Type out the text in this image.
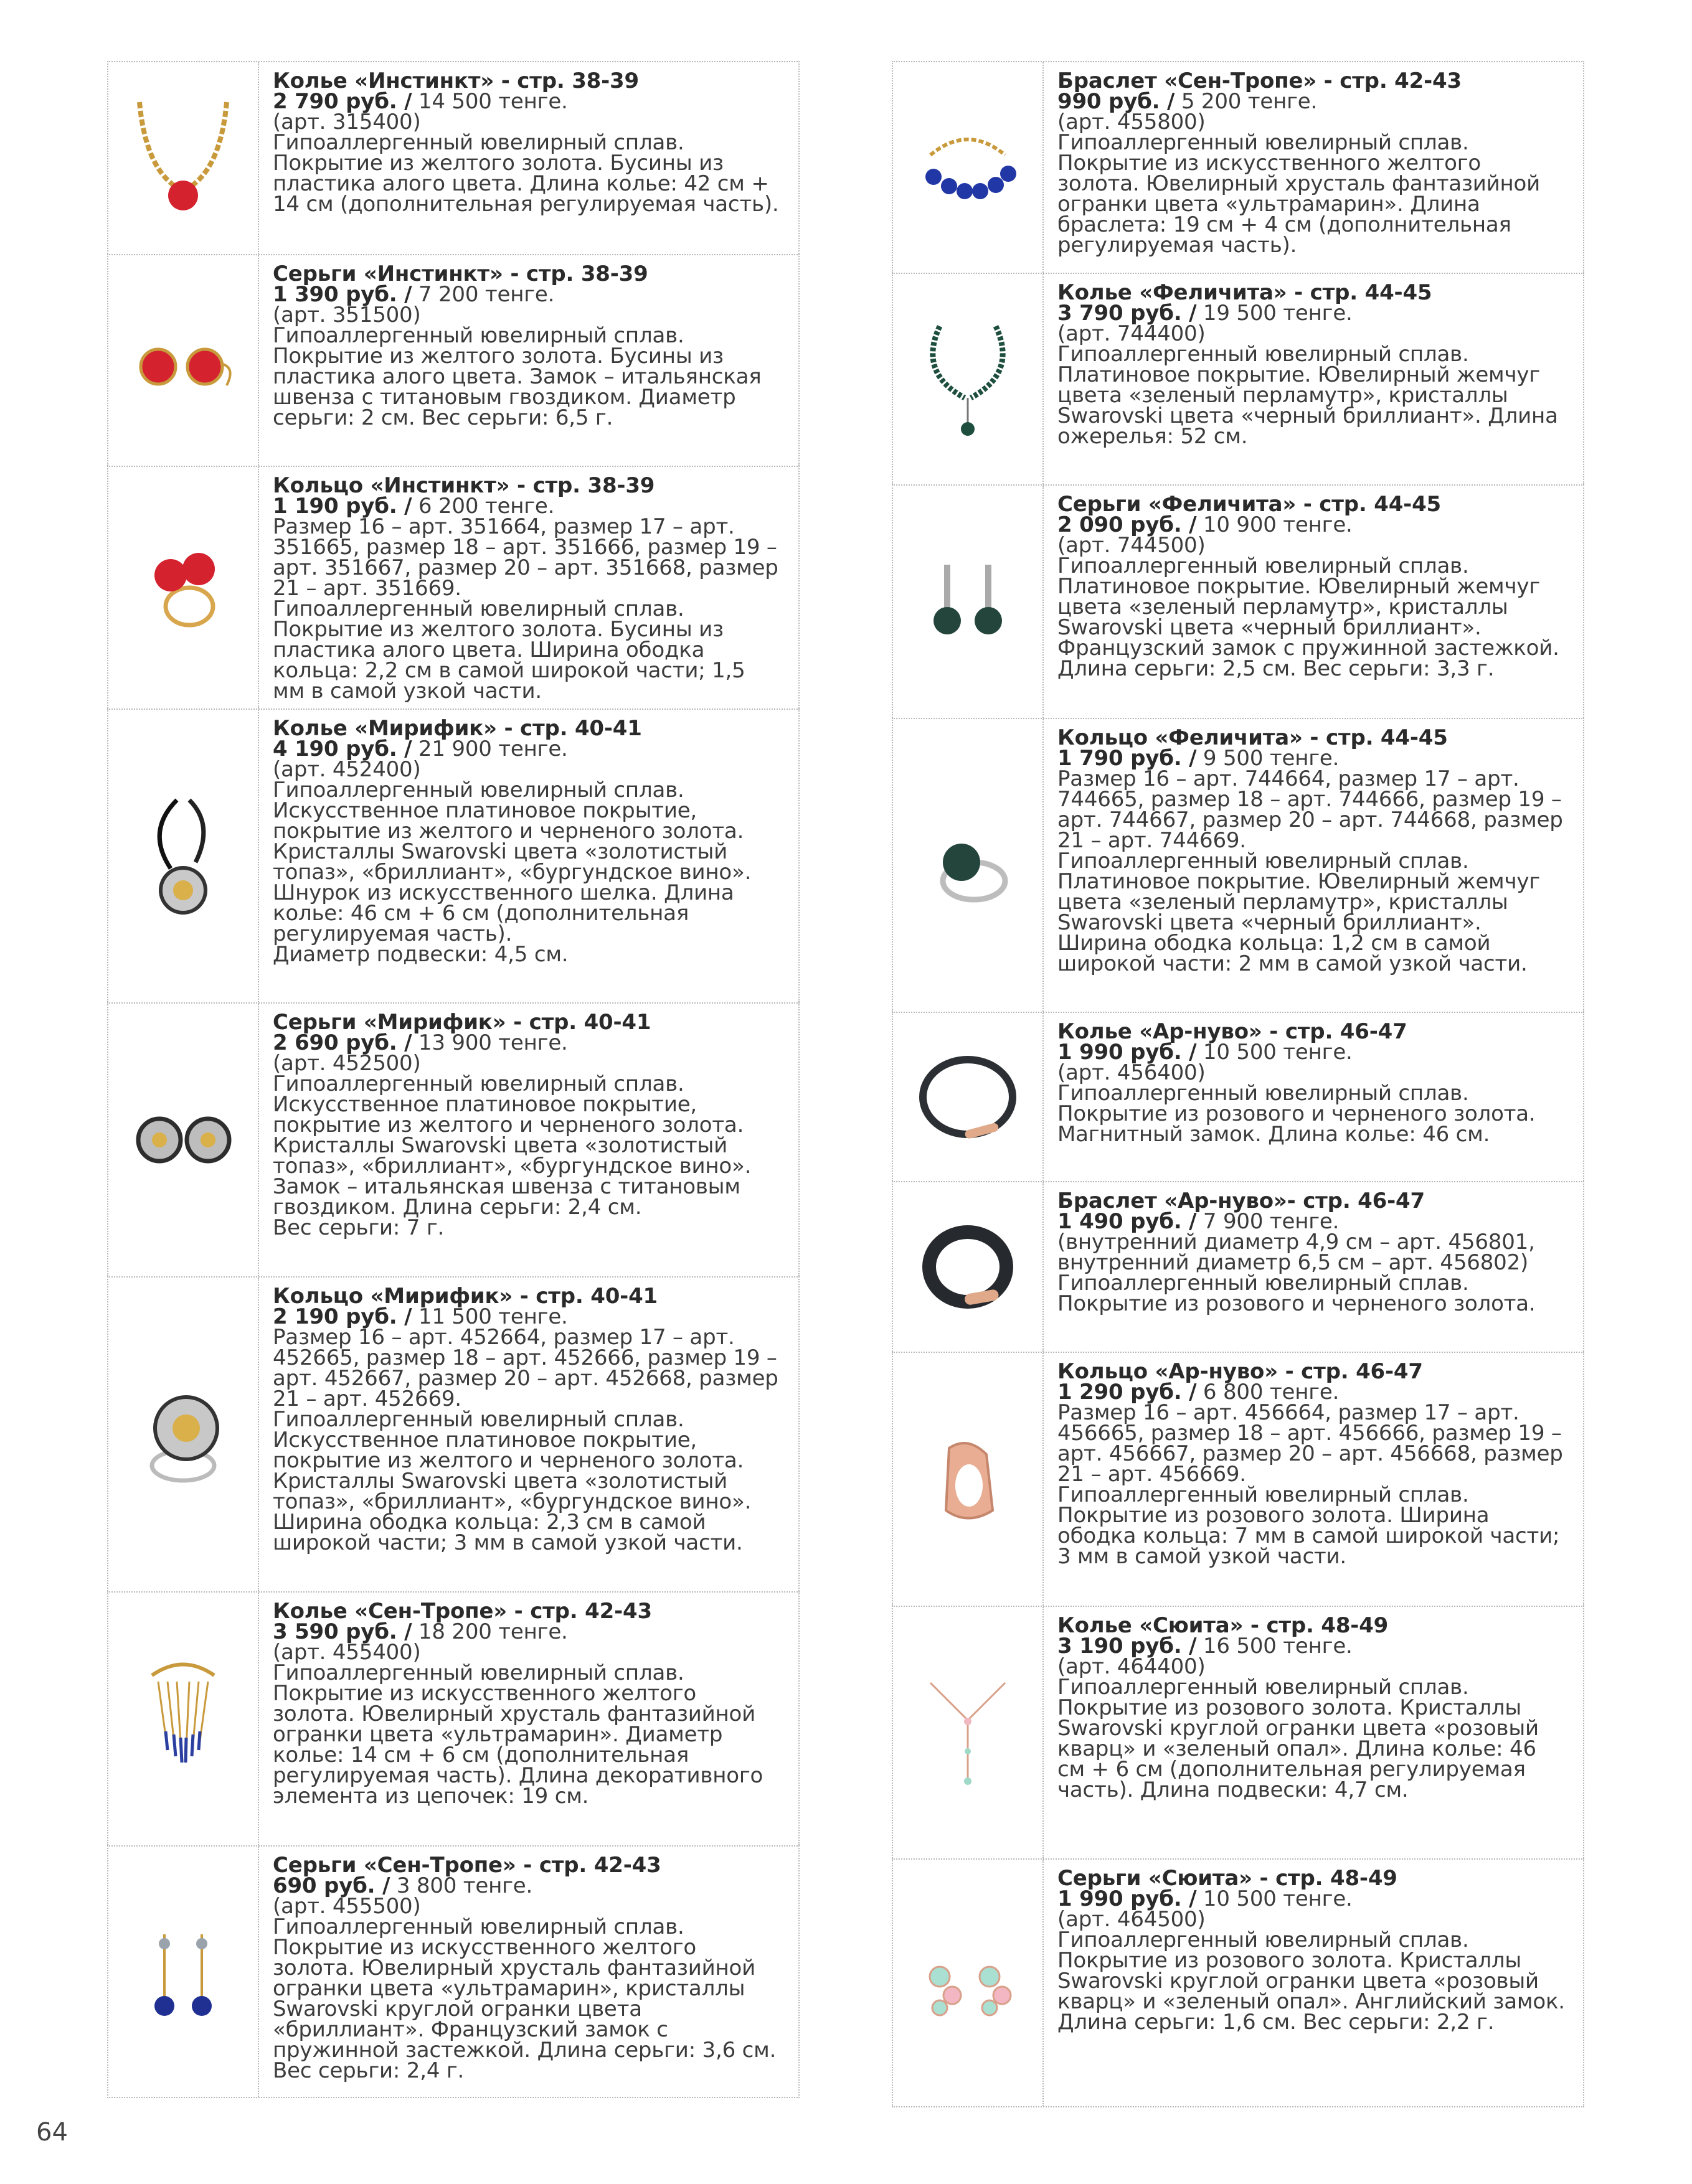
Колье «Инстинкт» - стр. 38-39

2 790 руб. / 14 500 тенге.

(арт. 315400)

Гипоаллергенный ювелирный сплав. Покрытие из желтого золота. Бусины из пластика алого цвета. Длина колье: 42 см + 14 см (дополнительная регулируемая часть).

Серьги «Инстинкт» - стр. 38-39

1 390 руб. / 7 200 тенге.

(арт. 351500)

Гипоаллергенный ювелирный сплав. Покрытие из желтого золота. Бусины из пластика алого цвета. Замок – итальянская швенза с титановым гвоздиком. Диаметр серьги: 2 см. Вес серьги: 6,5 г.

Кольцо «Инстинкт» - стр. 38-39

1 190 руб. / 6 200 тенге.

Размер 16 – арт. 351664, размер 17 – арт. 351665, размер 18 – арт. 351666, размер 19 – арт. 351667, размер 20 – арт. 351668, размер 21 – арт. 351669.

Гипоаллергенный ювелирный сплав. Покрытие из желтого золота. Бусины из пластика алого цвета. Ширина ободка кольца: 2,2 см в самой широкой части; 1,5 мм в самой узкой части.

Колье «Мирифик» - стр. 40-41

4 190 руб. / 21 900 тенге.

(арт. 452400)

Гипоаллергенный ювелирный сплав. Искусственное платиновое покрытие, покрытие из желтого и черненого золота. Кристаллы Swarovski цвета «золотистый топаз», «бриллиант», «бургундское вино». Шнурок из искусственного шелка. Длина колье: 46 см + 6 см (дополнительная регулируемая часть).

Диаметр подвески: 4,5 см.

Серьги «Мирифик» - стр. 40-41

2 690 руб. / 13 900 тенге.

(арт. 452500)

Гипоаллергенный ювелирный сплав. Искусственное платиновое покрытие, покрытие из желтого и черненого золота. Кристаллы Swarovski цвета «золотистый топаз», «бриллиант», «бургундское вино». Замок – итальянская швенза с титановым гвоздиком. Длина серьги: 2,4 см.

Вес серьги: 7 г.

Кольцо «Мирифик» - стр. 40-41

2 190 руб. / 11 500 тенге.

Размер 16 – арт. 452664, размер 17 – арт. 452665, размер 18 – арт. 452666, размер 19 – арт. 452667, размер 20 – арт. 452668, размер 21 – арт. 452669.

Гипоаллергенный ювелирный сплав. Искусственное платиновое покрытие, покрытие из желтого и черненого золота. Кристаллы Swarovski цвета «золотистый топаз», «бриллиант», «бургундское вино». Ширина ободка кольца: 2,3 см в самой широкой части; 3 мм в самой узкой части.

Колье «Сен-Тропе» - стр. 42-43

3 590 руб. / 18 200 тенге.

(арт. 455400)

Гипоаллергенный ювелирный сплав. Покрытие из искусственного желтого золота. Ювелирный хрусталь фантазийной огранки цвета «ультрамарин». Диаметр колье: 14 см + 6 см (дополнительная регулируемая часть). Длина декоративного элемента из цепочек: 19 см.

Серьги «Сен-Тропе» - стр. 42-43

690 руб. / 3 800 тенге.

(арт. 455500)

Гипоаллергенный ювелирный сплав. Покрытие из искусственного желтого золота. Ювелирный хрусталь фантазийной огранки цвета «ультрамарин», кристаллы Swarovski круглой огранки цвета «бриллиант». Французский замок с пружинной застежкой. Длина серьги: 3,6 см. Вес серьги: 2,4 г.

Браслет «Сен-Тропе» - стр. 42-43

990 руб. / 5 200 тенге.

(арт. 455800)

Гипоаллергенный ювелирный сплав. Покрытие из искусственного желтого золота. Ювелирный хрусталь фантазийной огранки цвета «ультрамарин». Длина браслета: 19 см + 4 см (дополнительная регулируемая часть).

Колье «Феличита» - стр. 44-45

3 790 руб. / 19 500 тенге.

(арт. 744400)

Гипоаллергенный ювелирный сплав. Платиновое покрытие. Ювелирный жемчуг цвета «зеленый перламутр», кристаллы Swarovski цвета «черный бриллиант». Длина ожерелья: 52 см.

Серьги «Феличита» - стр. 44-45

2 090 руб. / 10 900 тенге.

(арт. 744500)

Гипоаллергенный ювелирный сплав. Платиновое покрытие. Ювелирный жемчуг цвета «зеленый перламутр», кристаллы Swarovski цвета «черный бриллиант». Французский замок с пружинной застежкой. Длина серьги: 2,5 см. Вес серьги: 3,3 г.

Кольцо «Феличита» - стр. 44-45

1 790 руб. / 9 500 тенге.

Размер 16 – арт. 744664, размер 17 – арт. 744665, размер 18 – арт. 744666, размер 19 – арт. 744667, размер 20 – арт. 744668, размер 21 – арт. 744669.

Гипоаллергенный ювелирный сплав. Платиновое покрытие. Ювелирный жемчуг цвета «зеленый перламутр», кристаллы Swarovski цвета «черный бриллиант». Ширина ободка кольца: 1,2 см в самой широкой части: 2 мм в самой узкой части.

Колье «Ар-нуво» - стр. 46-47

1 990 руб. / 10 500 тенге.

(арт. 456400)

Гипоаллергенный ювелирный сплав. Покрытие из розового и черненого золота. Магнитный замок. Длина колье: 46 см.

Браслет «Ар-нуво»- стр. 46-47

1 490 руб. / 7 900 тенге.

(внутренний диаметр 4,9 см – арт. 456801, внутренний диаметр 6,5 см – арт. 456802)

Гипоаллергенный ювелирный сплав. Покрытие из розового и черненого золота.

Кольцо «Ар-нуво» - стр. 46-47

1 290 руб. / 6 800 тенге.

Размер 16 – арт. 456664, размер 17 – арт. 456665, размер 18 – арт. 456666, размер 19 – арт. 456667, размер 20 – арт. 456668, размер 21 – арт. 456669.

Гипоаллергенный ювелирный сплав. Покрытие из розового золота. Ширина ободка кольца: 7 мм в самой широкой части; 3 мм в самой узкой части.

Колье «Сюита» - стр. 48-49

3 190 руб. / 16 500 тенге.

(арт. 464400)

Гипоаллергенный ювелирный сплав. Покрытие из розового золота. Кристаллы Swarovski круглой огранки цвета «розовый кварц» и «зеленый опал». Длина колье: 46 см + 6 см (дополнительная регулируемая часть). Длина подвески: 4,7 см.

Серьги «Сюита» - стр. 48-49

1 990 руб. / 10 500 тенге.

(арт. 464500)

Гипоаллергенный ювелирный сплав. Покрытие из розового золота. Кристаллы Swarovski круглой огранки цвета «розовый кварц» и «зеленый опал». Английский замок. Длина серьги: 1,6 см. Вес серьги: 2,2 г.

64
